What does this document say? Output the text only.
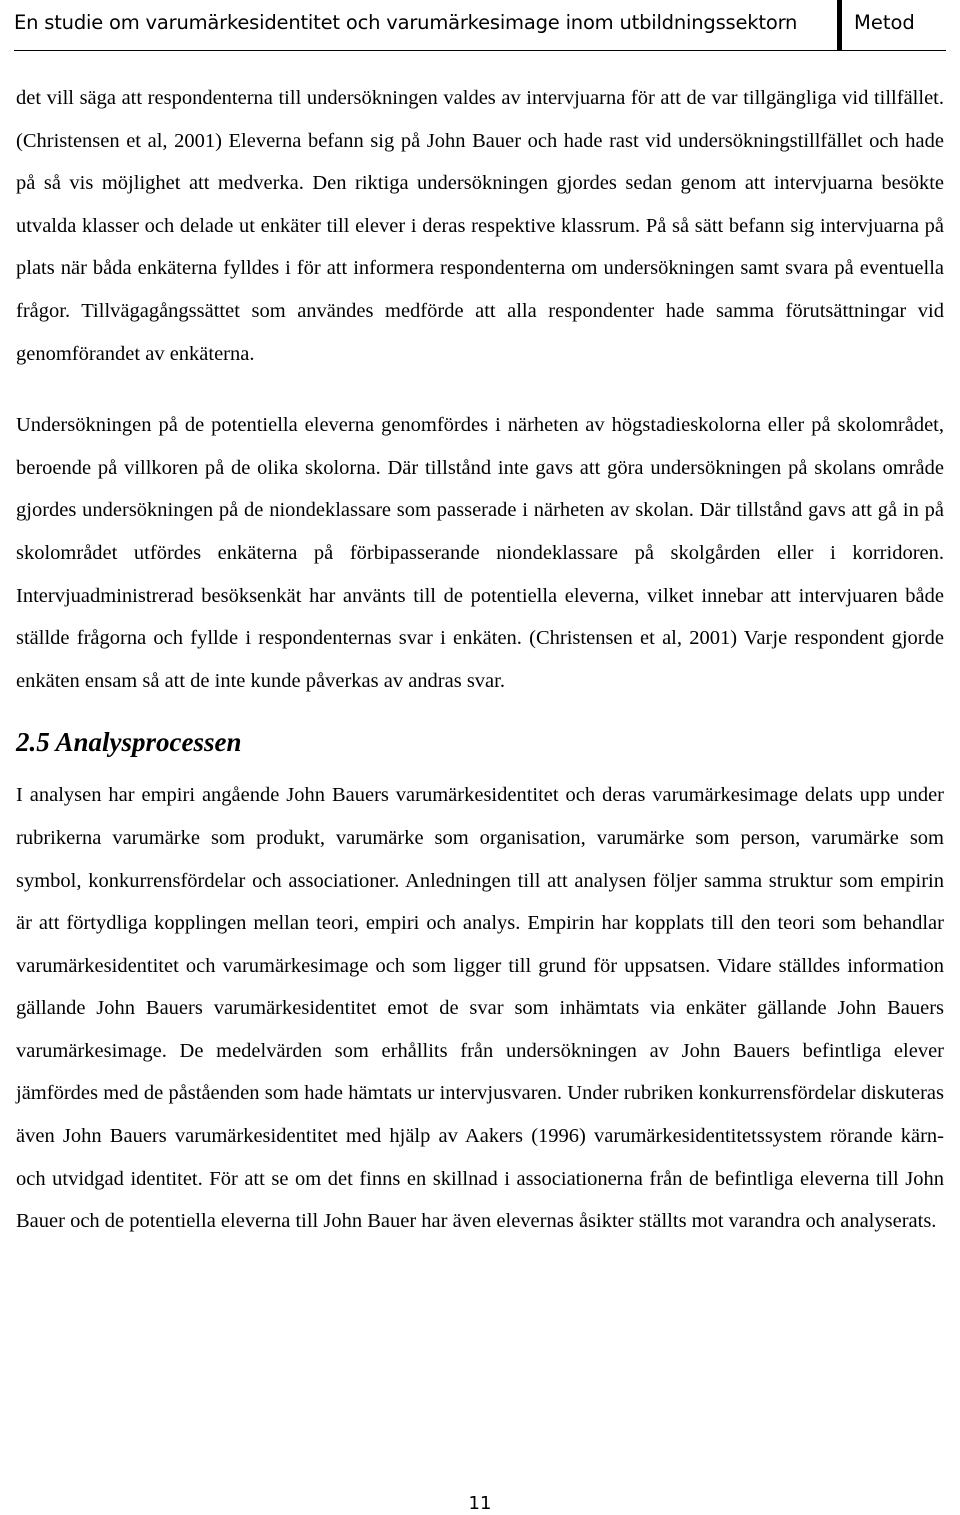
En studie om varumärkesidentitet och varumärkesimage inom utbildningssektorn	Metod

det vill säga att respondenterna till undersökningen valdes av intervjuarna för att de var tillgängliga vid tillfället. (Christensen et al, 2001) Eleverna befann sig på John Bauer och hade rast vid undersökningstillfället och hade på så vis möjlighet att medverka. Den riktiga undersökningen gjordes sedan genom att intervjuarna besökte utvalda klasser och delade ut enkäter till elever i deras respektive klassrum. På så sätt befann sig intervjuarna på plats när båda enkäterna fylldes i för att informera respondenterna om undersökningen samt svara på eventuella frågor. Tillvägagångssättet som användes medförde att alla respondenter hade samma förutsättningar vid genomförandet av enkäterna.

Undersökningen på de potentiella eleverna genomfördes i närheten av högstadieskolorna eller på skolområdet, beroende på villkoren på de olika skolorna. Där tillstånd inte gavs att göra undersökningen på skolans område gjordes undersökningen på de niondeklassare som passerade i närheten av skolan. Där tillstånd gavs att gå in på skolområdet utfördes enkäterna på förbipasserande niondeklassare på skolgården eller i korridoren. Intervjuadministrerad besöksenkät har använts till de potentiella eleverna, vilket innebar att intervjuaren både ställde frågorna och fyllde i respondenternas svar i enkäten. (Christensen et al, 2001) Varje respondent gjorde enkäten ensam så att de inte kunde påverkas av andras svar.

2.5 Analysprocessen

I analysen har empiri angående John Bauers varumärkesidentitet och deras varumärkesimage delats upp under rubrikerna varumärke som produkt, varumärke som organisation, varumärke som person, varumärke som symbol, konkurrensfördelar och associationer. Anledningen till att analysen följer samma struktur som empirin är att förtydliga kopplingen mellan teori, empiri och analys. Empirin har kopplats till den teori som behandlar varumärkesidentitet och varumärkesimage och som ligger till grund för uppsatsen. Vidare ställdes information gällande John Bauers varumärkesidentitet emot de svar som inhämtats via enkäter gällande John Bauers varumärkesimage. De medelvärden som erhållits från undersökningen av John Bauers befintliga elever jämfördes med de påståenden som hade hämtats ur intervjusvaren. Under rubriken konkurrensfördelar diskuteras även John Bauers varumärkesidentitet med hjälp av Aakers (1996) varumärkesidentitetssystem rörande kärn- och utvidgad identitet. För att se om det finns en skillnad i associationerna från de befintliga eleverna till John Bauer och de potentiella eleverna till John Bauer har även elevernas åsikter ställts mot varandra och analyserats.

11
